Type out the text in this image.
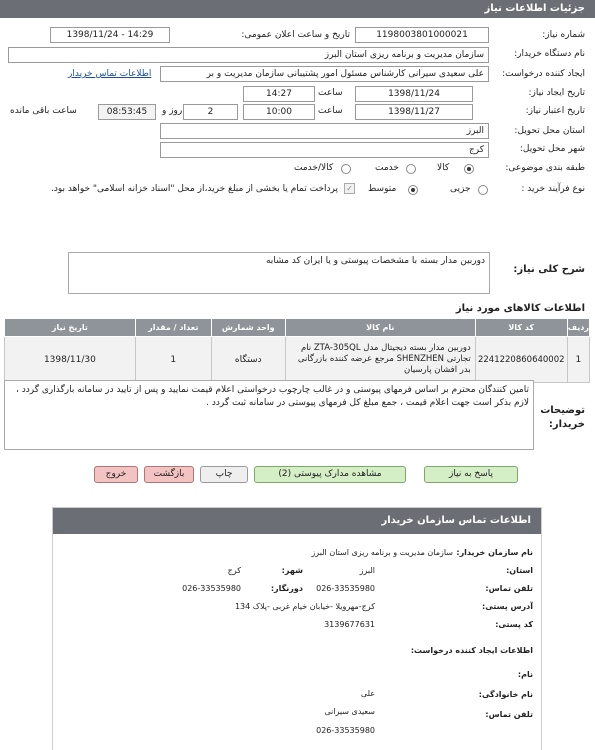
جزئیات اطلاعات نیاز
شماره نیاز:
1198003801000021
تاریخ و ساعت اعلان عمومی:
1398/11/24 - 14:29
نام دستگاه خریدار:
سازمان مدیریت و برنامه ریزی استان البرز
ایجاد کننده درخواست:
علی سعیدی سیرانی کارشناس مسئول امور پشتیبانی سازمان مدیریت و بر
اطلاعات تماس خریدار
تاریخ ایجاد نیاز:
1398/11/24
ساعت
14:27
تاریخ اعتبار نیاز:
1398/11/27
ساعت
10:00
روز و	2
08:53:45
ساعت باقی مانده
استان محل تحویل:
البرز
شهر محل تحویل:
کرج
طبقه بندی موضوعی:
کالا
خدمت
کالا/خدمت
نوع فرآیند خرید :
جزیی
متوسط
✓
پرداخت تمام یا بخشی از مبلغ خرید،از محل "اسناد خزانه اسلامی" خواهد بود.
شرح کلی نیاز:
دوربین مدار بسته با مشخصات پیوستی و یا ایران کد مشابه
اطلاعات کالاهای مورد نیاز
ردیف	کد کالا	نام کالا	واحد شمارش	تعداد / مقدار	تاریخ نیاز
1	2241220860640002	دوربین مدار بسته دیجیتال مدل ZTA-305QL نام تجارتی SHENZHEN مرجع عرضه کننده بازرگانی بدر افشان پارسیان	دستگاه	1	1398/11/30
توضیحات خریدار:
تامین کنندگان محترم بر اساس فرمهای پیوستی و در غالب چارچوب درخواستی اعلام قیمت نمایید و پس از تایید در سامانه بارگذاری گردد ، لازم بذکر است جهت اعلام قیمت ، جمع مبلغ کل فرمهای پیوستی در سامانه ثبت گردد .
پاسخ به نیاز
مشاهده مدارک پیوستی (2)
چاپ
بازگشت
خروج
اطلاعات تماس سازمان خریدار
نام سازمان خریدار:
سازمان مدیریت و برنامه ریزی استان البرز
استان:
البرز
شهر:
کرج
تلفن تماس:
026-33535980
دورنگار:
026-33535980
آدرس پستی:
کرج-مهرویلا -خیابان خیام غربی -پلاک 134
کد پستی:
3139677631
اطلاعات ایجاد کننده درخواست:
نام:
علی	نام خانوادگی:
سعیدی سیرانی	تلفن تماس:
026-33535980
